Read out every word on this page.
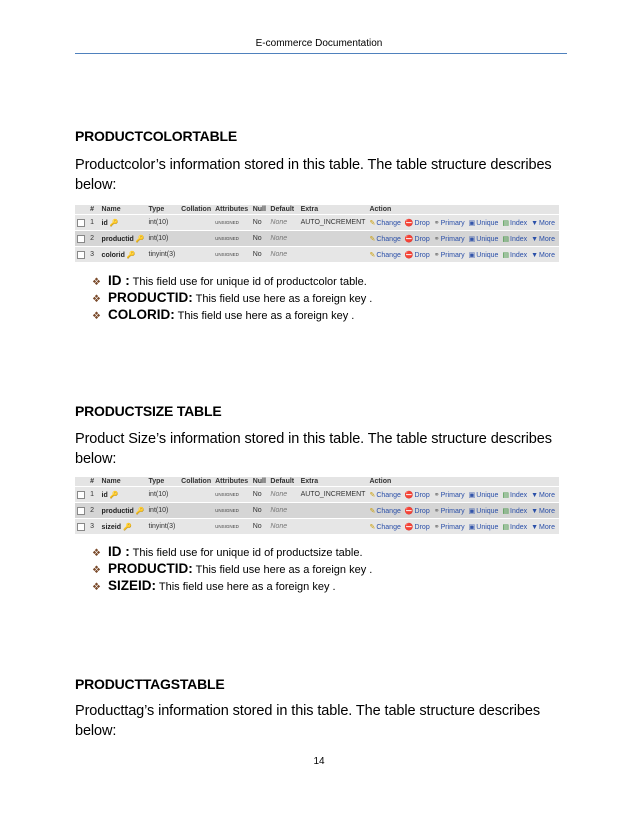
E-commerce Documentation
PRODUCTCOLORTABLE
Productcolor’s information stored in this table. The table structure describes below:
	#	Name	Type	Collation	Attributes	Null	Default	Extra	Action
	1	id 🔑	int(10)		UNSIGNED	No	None	AUTO_INCREMENT	✎Change ⛔Drop ⚭Primary ▣Unique ▤Index ▼More
	2	productid 🔑	int(10)		UNSIGNED	No	None		✎Change ⛔Drop ⚭Primary ▣Unique ▤Index ▼More
	3	colorid 🔑	tinyint(3)		UNSIGNED	No	None		✎Change ⛔Drop ⚭Primary ▣Unique ▤Index ▼More
❖ ID : This field use for unique id of productcolor table.
❖ PRODUCTID: This field use here as a foreign key .
❖ COLORID: This field use here as a foreign key .
PRODUCTSIZE TABLE
Product Size’s information stored in this table. The table structure describes below:
	#	Name	Type	Collation	Attributes	Null	Default	Extra	Action
	1	id 🔑	int(10)		UNSIGNED	No	None	AUTO_INCREMENT	✎Change ⛔Drop ⚭Primary ▣Unique ▤Index ▼More
	2	productid 🔑	int(10)		UNSIGNED	No	None		✎Change ⛔Drop ⚭Primary ▣Unique ▤Index ▼More
	3	sizeid 🔑	tinyint(3)		UNSIGNED	No	None		✎Change ⛔Drop ⚭Primary ▣Unique ▤Index ▼More
❖ ID : This field use for unique id of productsize table.
❖ PRODUCTID: This field use here as a foreign key .
❖ SIZEID: This field use here as a foreign key .
PRODUCTTAGSTABLE
Producttag’s information stored in this table. The table structure describes below:
14
